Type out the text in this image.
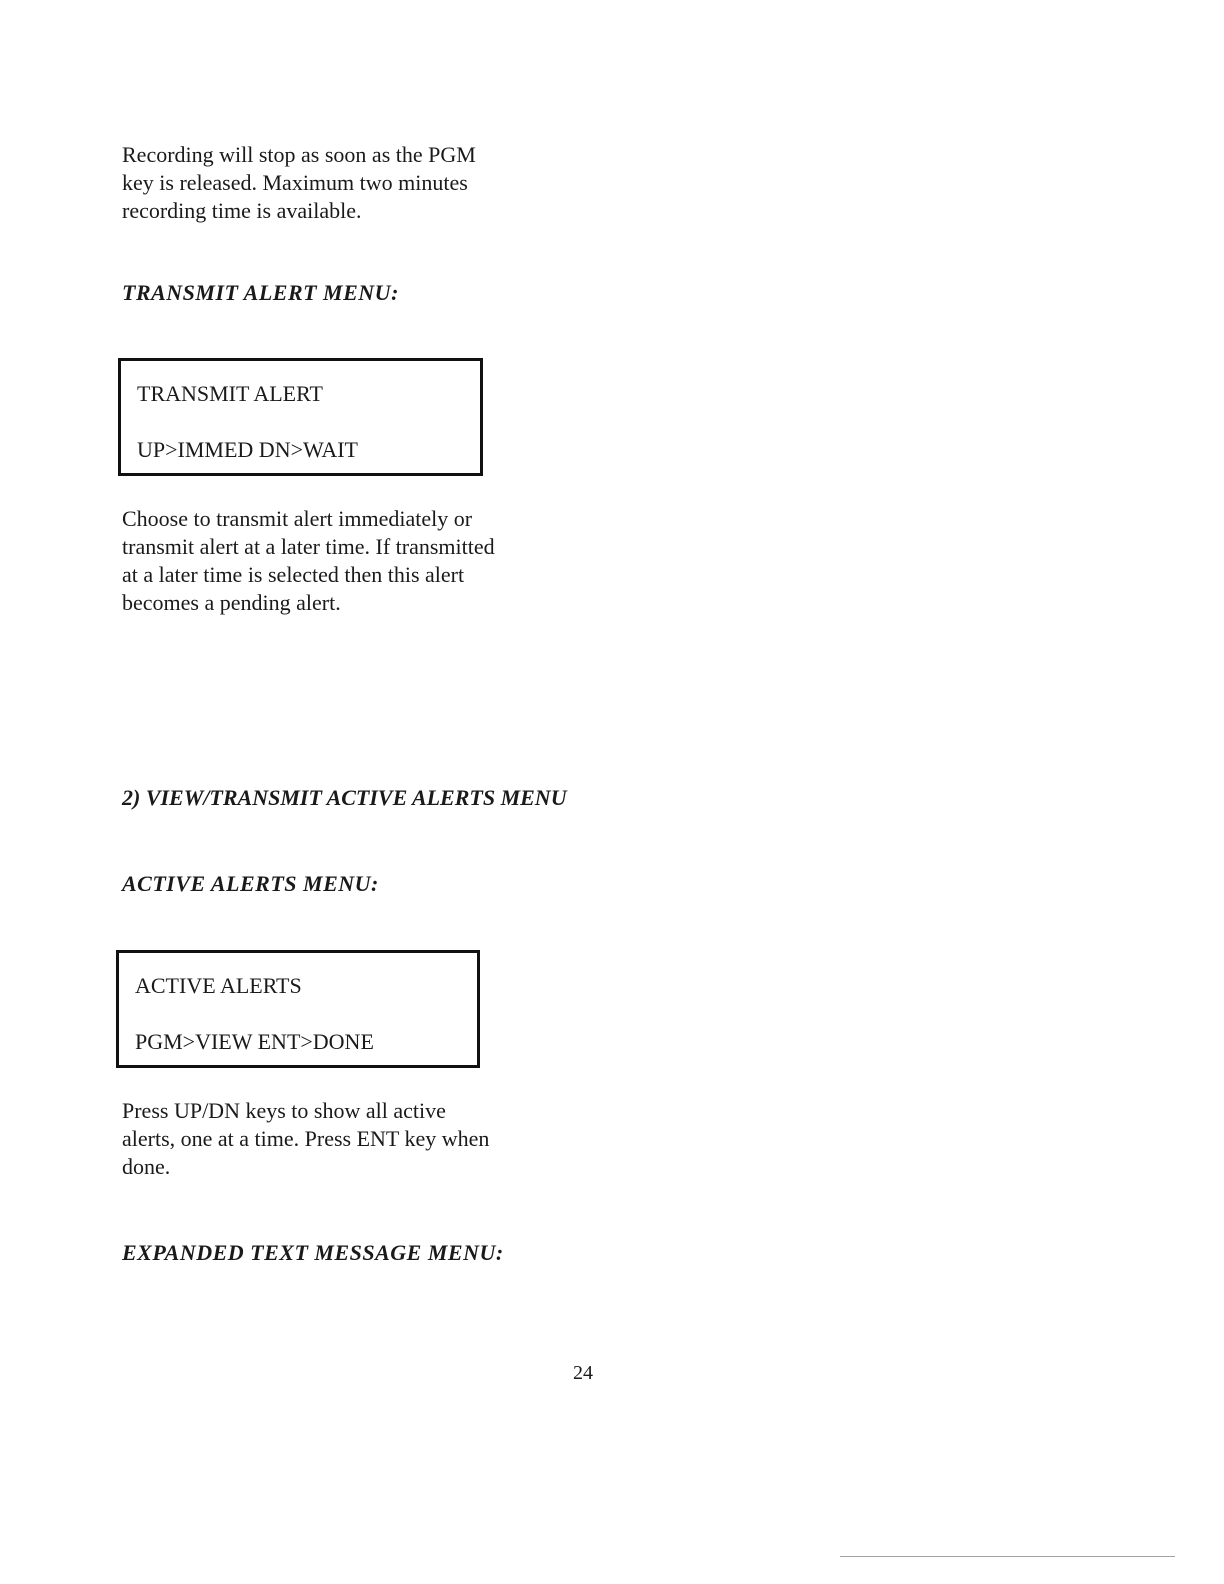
Recording will stop as soon as the PGM
key is released. Maximum two minutes
recording time is available.

TRANSMIT ALERT MENU:
TRANSMIT ALERT
UP>IMMED DN>WAIT

Choose to transmit alert immediately or
transmit alert at a later time. If transmitted
at a later time is selected then this alert
becomes a pending alert.

2) VIEW/TRANSMIT ACTIVE ALERTS MENU
ACTIVE ALERTS MENU:
ACTIVE ALERTS
PGM>VIEW ENT>DONE

Press UP/DN keys to show all active
alerts, one at a time. Press ENT key when
done.

EXPANDED TEXT MESSAGE MENU:
24
